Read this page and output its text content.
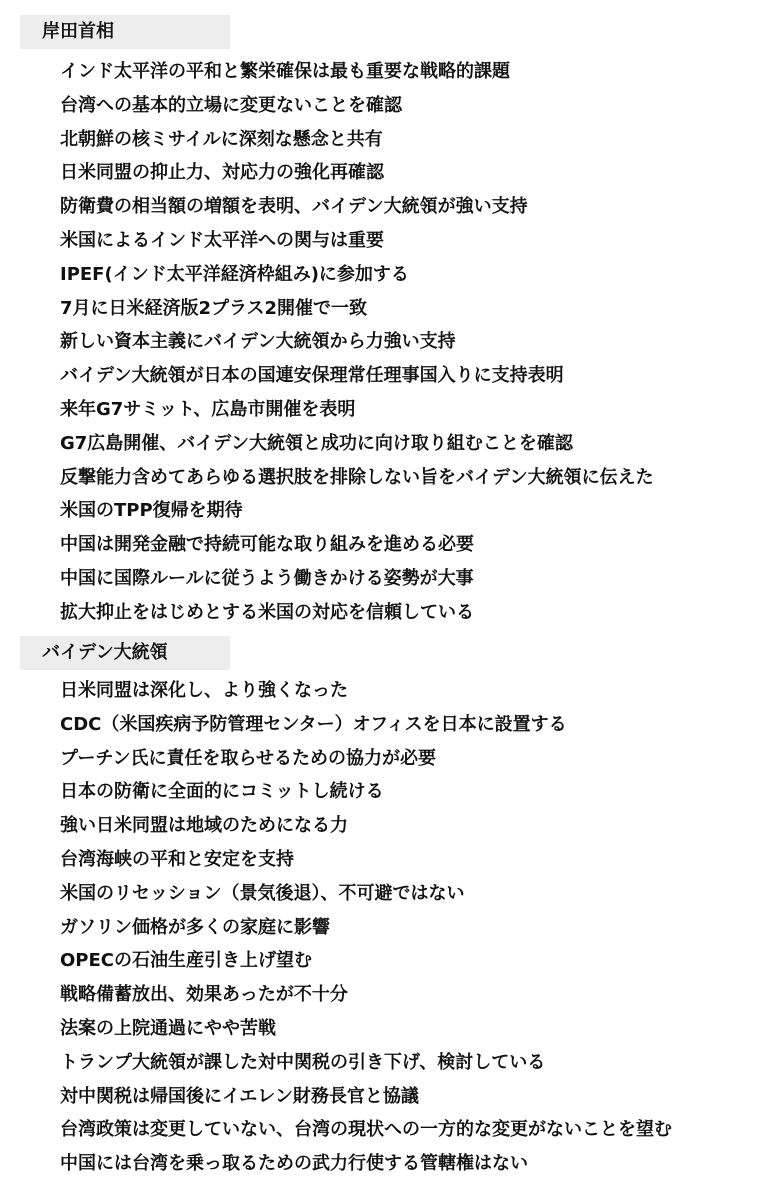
岸田首相
インド太平洋の平和と繁栄確保は最も重要な戦略的課題
台湾への基本的立場に変更ないことを確認
北朝鮮の核ミサイルに深刻な懸念と共有
日米同盟の抑止力、対応力の強化再確認
防衛費の相当額の増額を表明、バイデン大統領が強い支持
米国によるインド太平洋への関与は重要
IPEF(インド太平洋経済枠組み)に参加する
7月に日米経済版2プラス2開催で一致
新しい資本主義にバイデン大統領から力強い支持
バイデン大統領が日本の国連安保理常任理事国入りに支持表明
来年G7サミット、広島市開催を表明
G7広島開催、バイデン大統領と成功に向け取り組むことを確認
反撃能力含めてあらゆる選択肢を排除しない旨をバイデン大統領に伝えた
米国のTPP復帰を期待
中国は開発金融で持続可能な取り組みを進める必要
中国に国際ルールに従うよう働きかける姿勢が大事
拡大抑止をはじめとする米国の対応を信頼している
バイデン大統領
日米同盟は深化し、より強くなった
CDC（米国疾病予防管理センター）オフィスを日本に設置する
プーチン氏に責任を取らせるための協力が必要
日本の防衛に全面的にコミットし続ける
強い日米同盟は地域のためになる力
台湾海峡の平和と安定を支持
米国のリセッション（景気後退）、不可避ではない
ガソリン価格が多くの家庭に影響
OPECの石油生産引き上げ望む
戦略備蓄放出、効果あったが不十分
法案の上院通過にやや苦戦
トランプ大統領が課した対中関税の引き下げ、検討している
対中関税は帰国後にイエレン財務長官と協議
台湾政策は変更していない、台湾の現状への一方的な変更がないことを望む
中国には台湾を乗っ取るための武力行使する管轄権はない
